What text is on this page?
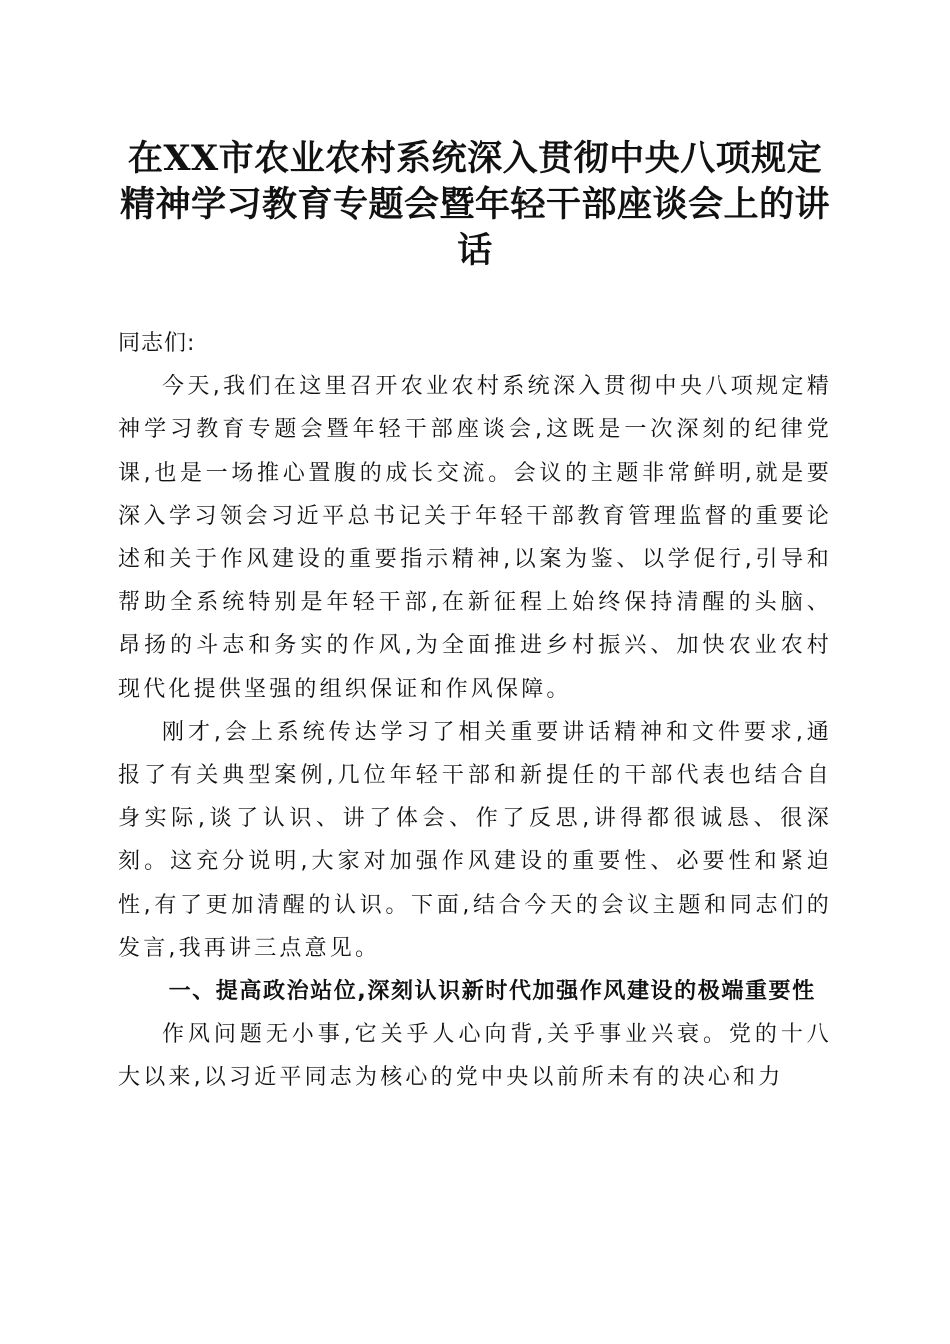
在XX市农业农村系统深入贯彻中央八项规定
精神学习教育专题会暨年轻干部座谈会上的讲
话

同志们:

今天,我们在这里召开农业农村系统深入贯彻中央八项规定精神学习教育专题会暨年轻干部座谈会,这既是一次深刻的纪律党课,也是一场推心置腹的成长交流。会议的主题非常鲜明,就是要深入学习领会习近平总书记关于年轻干部教育管理监督的重要论述和关于作风建设的重要指示精神,以案为鉴、以学促行,引导和帮助全系统特别是年轻干部,在新征程上始终保持清醒的头脑、昂扬的斗志和务实的作风,为全面推进乡村振兴、加快农业农村现代化提供坚强的组织保证和作风保障。

刚才,会上系统传达学习了相关重要讲话精神和文件要求,通报了有关典型案例,几位年轻干部和新提任的干部代表也结合自身实际,谈了认识、讲了体会、作了反思,讲得都很诚恳、很深刻。这充分说明,大家对加强作风建设的重要性、必要性和紧迫性,有了更加清醒的认识。下面,结合今天的会议主题和同志们的发言,我再讲三点意见。

一、提高政治站位,深刻认识新时代加强作风建设的极端重要性

作风问题无小事,它关乎人心向背,关乎事业兴衰。党的十八大以来,以习近平同志为核心的党中央以前所未有的决心和力
